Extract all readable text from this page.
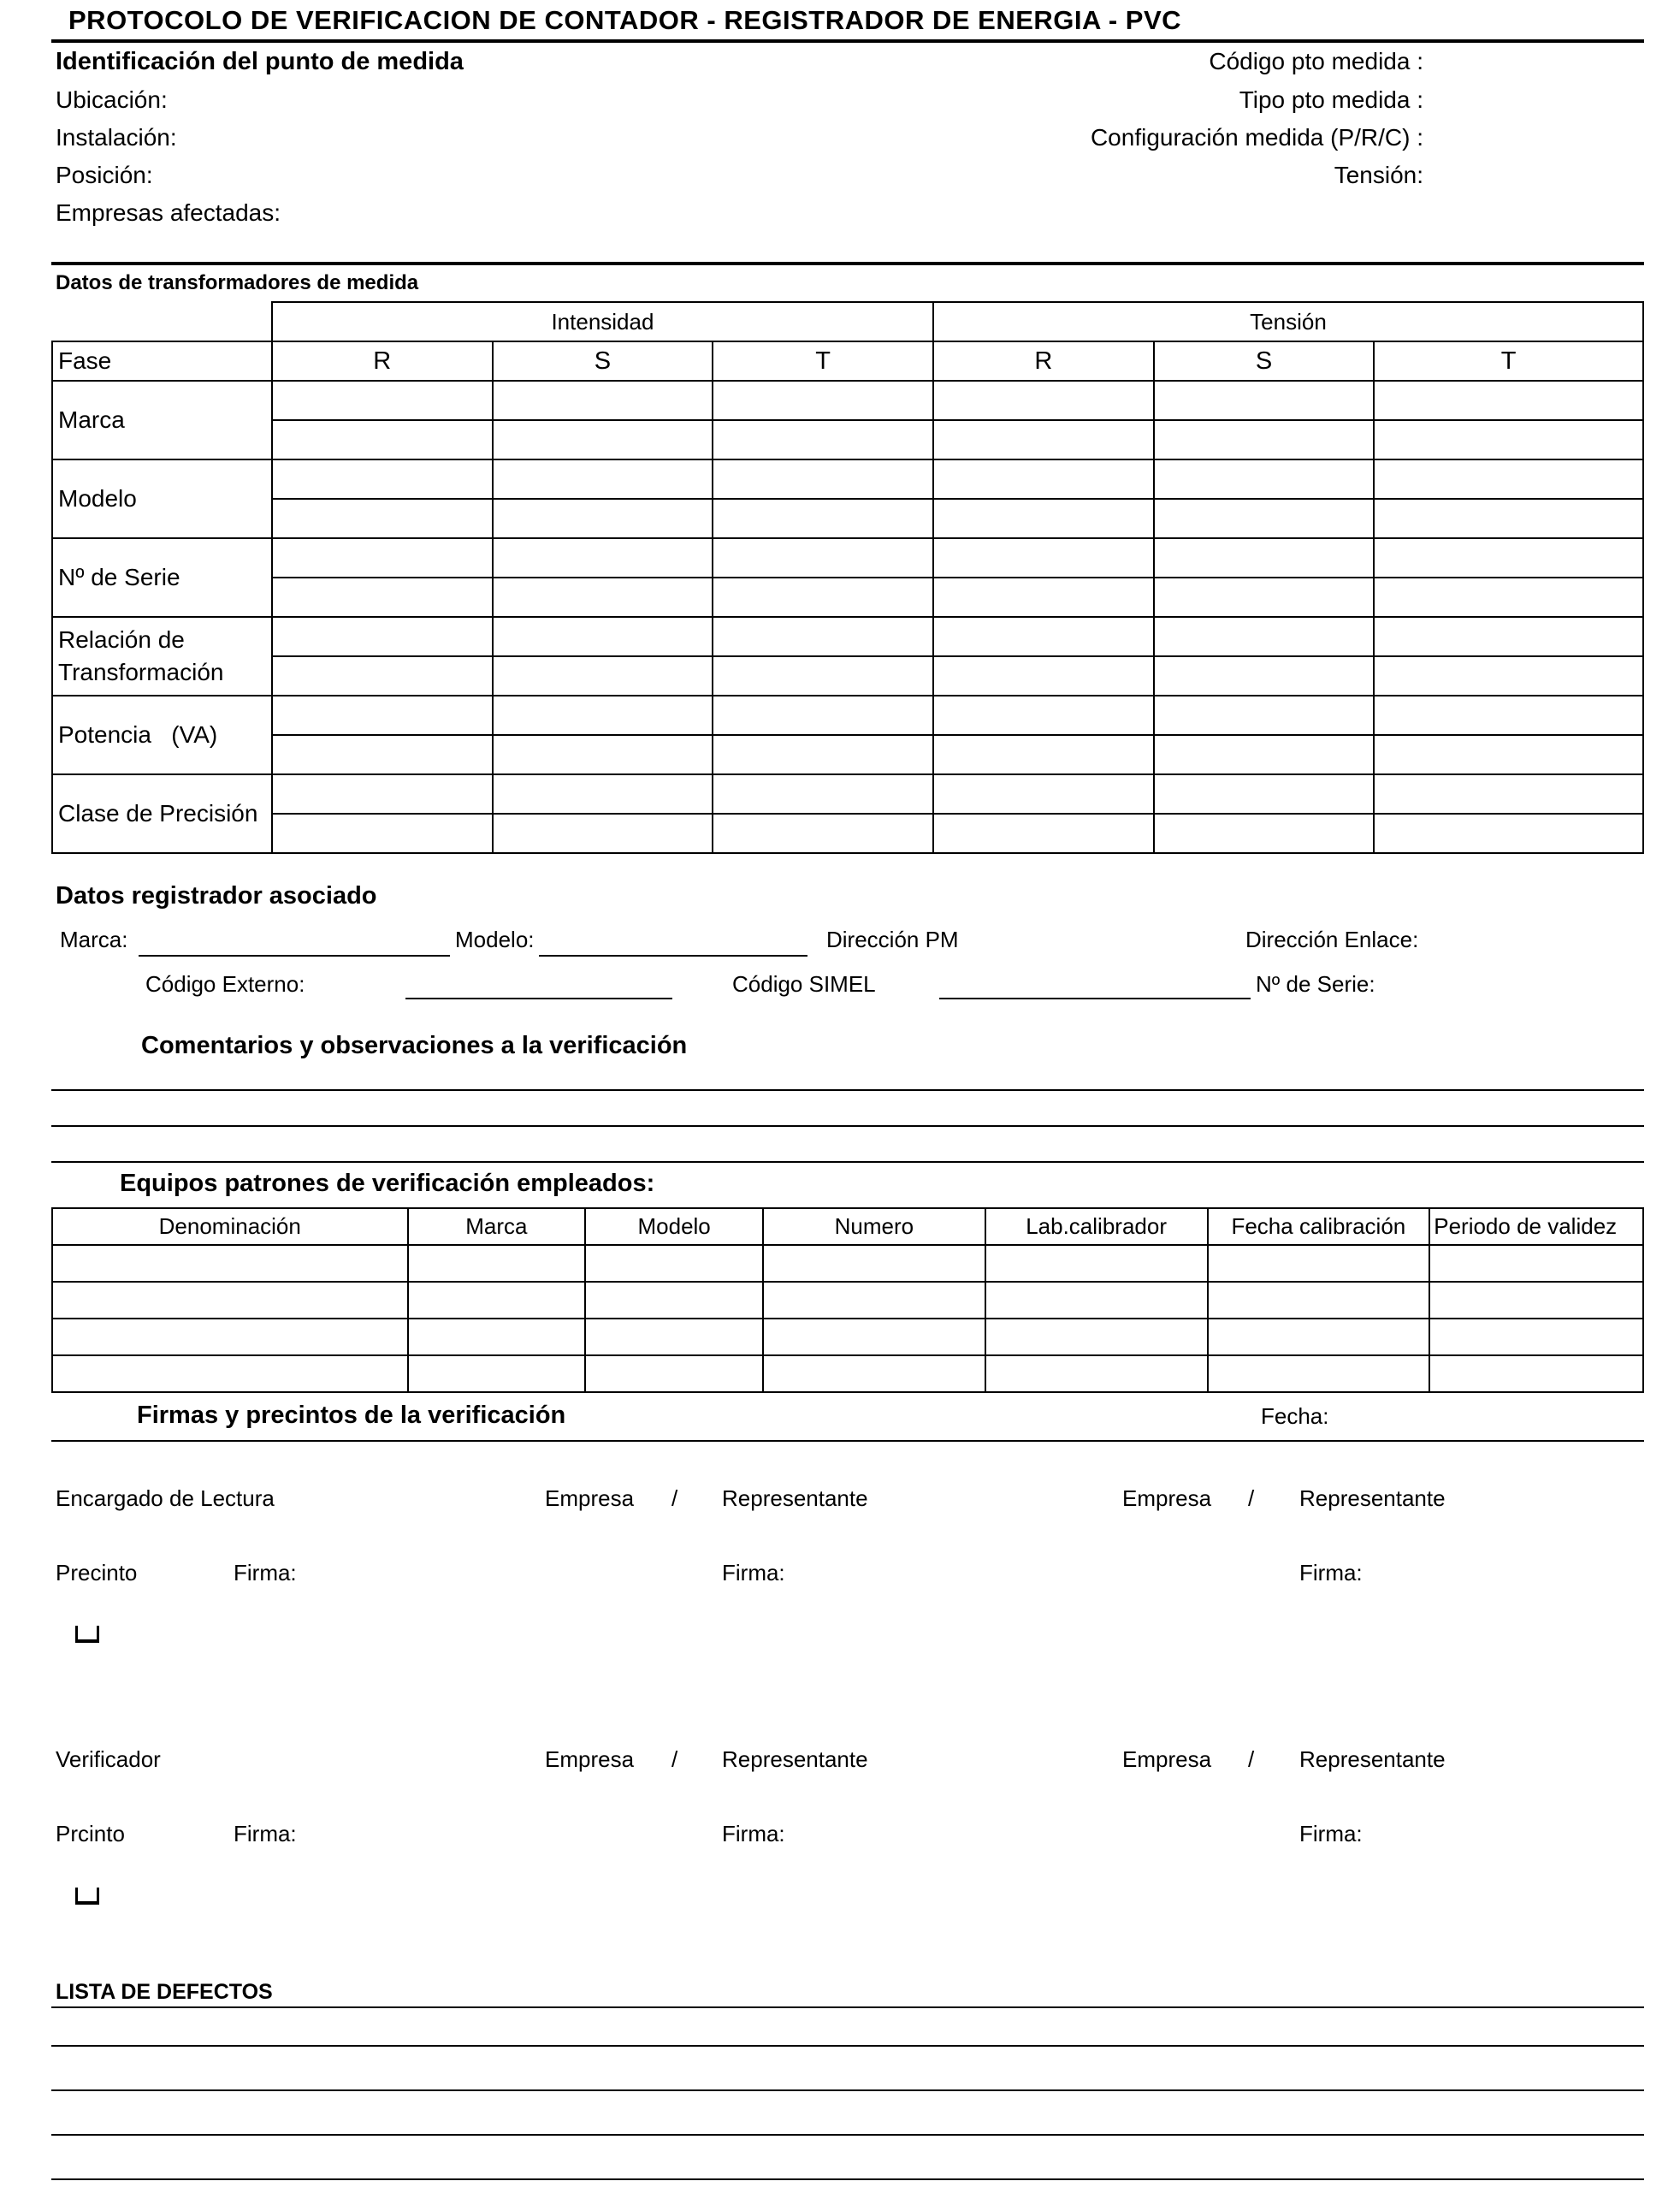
PROTOCOLO DE VERIFICACION DE CONTADOR - REGISTRADOR DE ENERGIA - PVC
Identificación del punto de medida
Ubicación:
Instalación:
Posición:
Empresas afectadas:
Código pto medida :
Tipo pto medida :
Configuración medida (P/R/C) :
Tensión:
Datos de transformadores de medida
	Intensidad			Tensión		
Fase	R	S	T	R	S	T
Marca						

Modelo						

Nº de Serie						

Relación de Transformación						

Potencia   (VA)						

Clase de Precisión						

Datos registrador asociado
Marca:	Modelo:	Dirección PM	Dirección Enlace:
Código Externo:	Código SIMEL	Nº de Serie:
Comentarios y observaciones a la verificación
Equipos patrones de verificación empleados:
Denominación	Marca	Modelo	Numero	Lab.calibrador	Fecha calibración	Periodo de validez

Firmas y precintos de la verificación	Fecha:
Encargado de Lectura	Empresa / Representante	Empresa / Representante
Precinto	Firma:	Firma:	Firma:
Verificador	Empresa / Representante	Empresa / Representante
Prcinto	Firma:	Firma:	Firma:
LISTA DE DEFECTOS
